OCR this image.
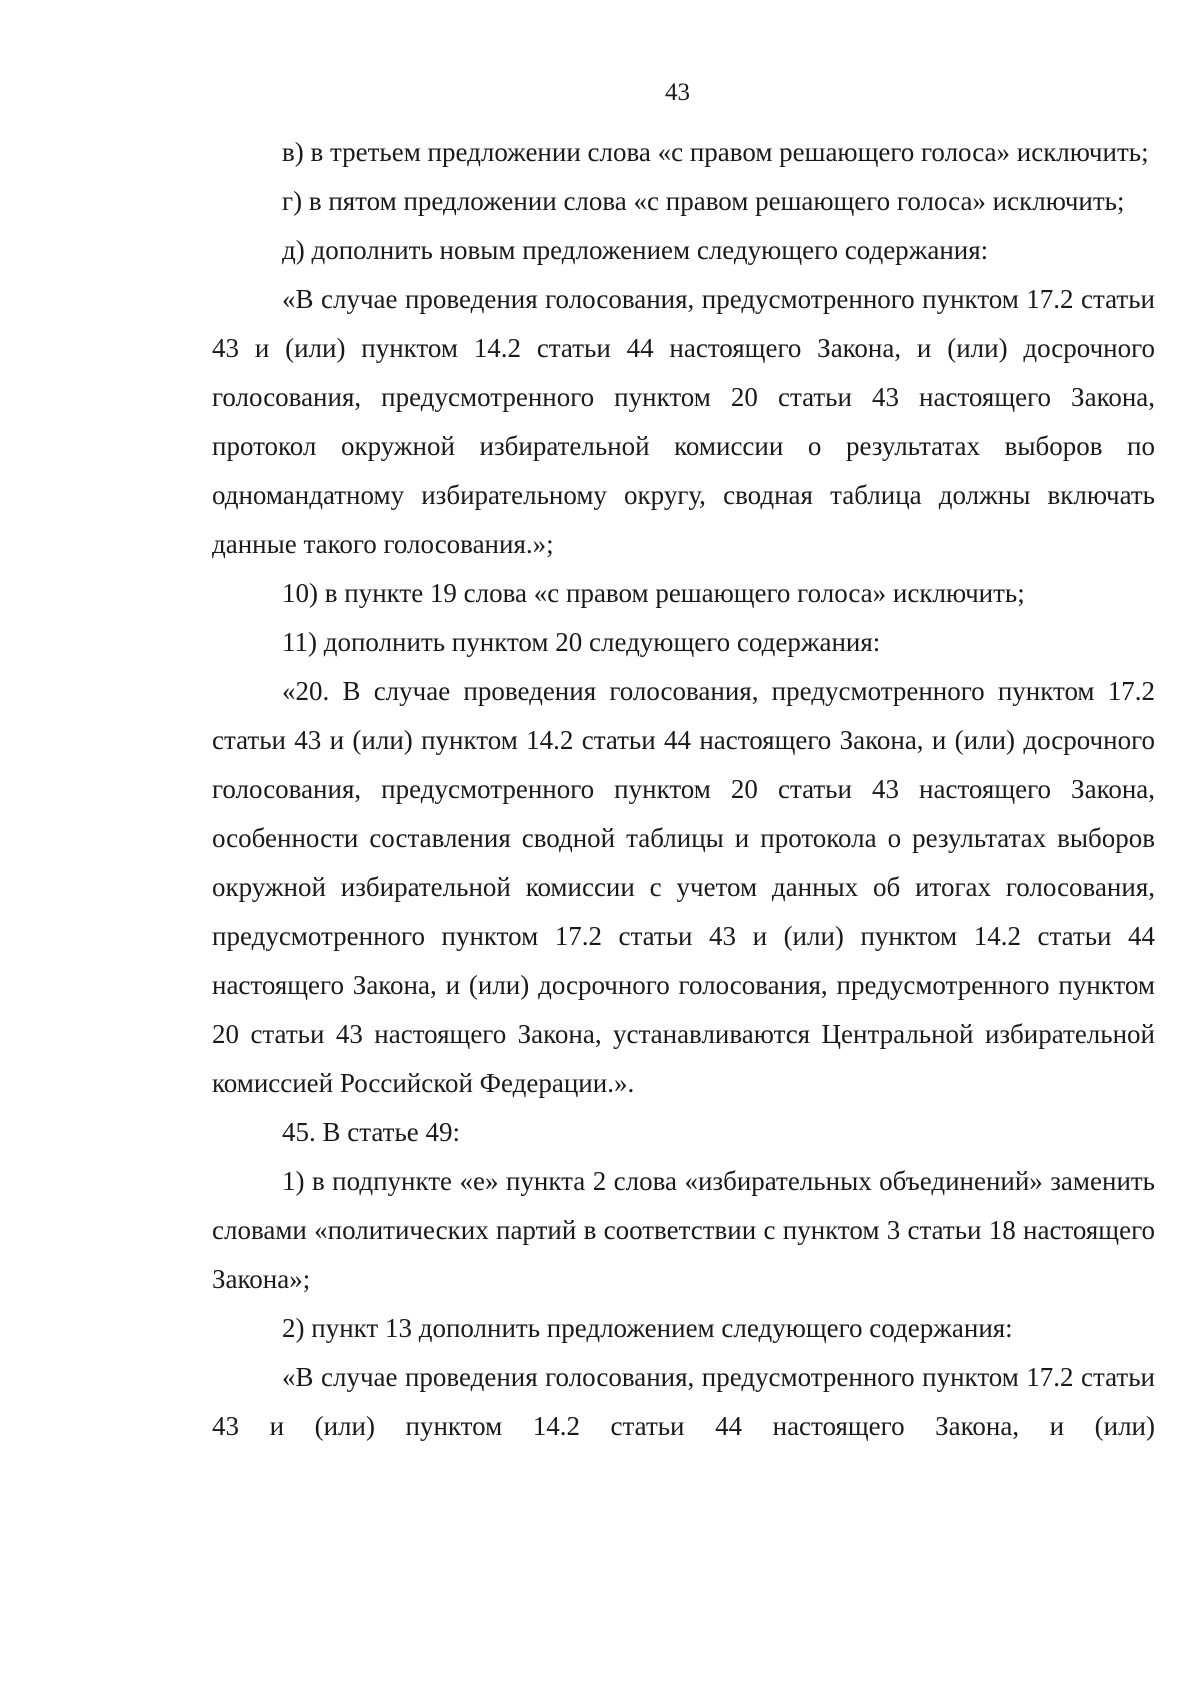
43

в) в третьем предложении слова «с правом решающего голоса» исключить;

г) в пятом предложении слова «с правом решающего голоса» исключить;

д) дополнить новым предложением следующего содержания:

«В случае проведения голосования, предусмотренного пунктом 17.2 статьи 43 и (или) пунктом 14.2 статьи 44 настоящего Закона, и (или) досрочного голосования, предусмотренного пунктом 20 статьи 43 настоящего Закона, протокол окружной избирательной комиссии о результатах выборов по одномандатному избирательному округу, сводная таблица должны включать данные такого голосования.»;

10) в пункте 19 слова «с правом решающего голоса» исключить;

11) дополнить пунктом 20 следующего содержания:

«20. В случае проведения голосования, предусмотренного пунктом 17.2 статьи 43 и (или) пунктом 14.2 статьи 44 настоящего Закона, и (или) досрочного голосования, предусмотренного пунктом 20 статьи 43 настоящего Закона, особенности составления сводной таблицы и протокола о результатах выборов окружной избирательной комиссии с учетом данных об итогах голосования, предусмотренного пунктом 17.2 статьи 43 и (или) пунктом 14.2 статьи 44 настоящего Закона, и (или) досрочного голосования, предусмотренного пунктом 20 статьи 43 настоящего Закона, устанавливаются Центральной избирательной комиссией Российской Федерации.».

45. В статье 49:

1) в подпункте «е» пункта 2 слова «избирательных объединений» заменить словами «политических партий в соответствии с пунктом 3 статьи 18 настоящего Закона»;

2) пункт 13 дополнить предложением следующего содержания:

«В случае проведения голосования, предусмотренного пунктом 17.2 статьи 43 и (или) пунктом 14.2 статьи 44 настоящего Закона, и (или)
